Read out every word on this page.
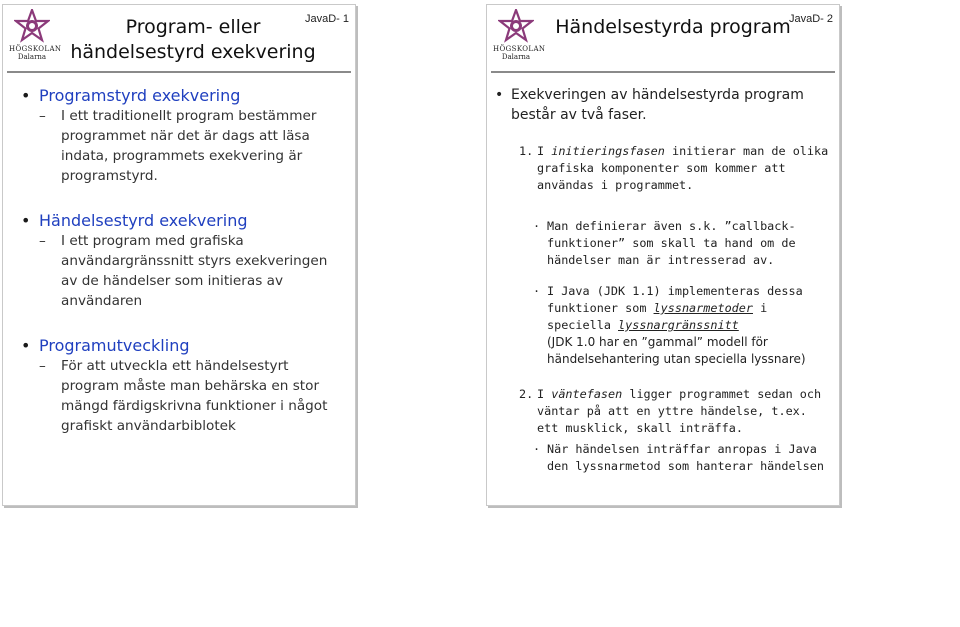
HÖGSKOLAN
Dalarna
Program- eller händelsestyrd exekvering
JavaD- 1
• Programstyrd exekvering
– I ett traditionellt program bestämmer programmet när det är dags att läsa indata, programmets exekvering är programstyrd.
• Händelsestyrd exekvering
– I ett program med grafiska användargränssnitt styrs exekveringen av de händelser som initieras av användaren
• Programutveckling
– För att utveckla ett händelsestyrt program måste man behärska en stor mängd färdigskrivna funktioner i något grafiskt användarbiblotek
HÖGSKOLAN
Dalarna
Händelsestyrda program
JavaD- 2
• Exekveringen av händelsestyrda program består av två faser.
1. I initieringsfasen initierar man de olika grafiska komponenter som kommer att användas i programmet.
· Man definierar även s.k. ”callback-funktioner” som skall ta hand om de händelser man är intresserad av.
· I Java (JDK 1.1) implementeras dessa funktioner som lyssnarmetoder i speciella lyssnargränssnitt
(JDK 1.0 har en ”gammal” modell för händelsehantering utan speciella lyssnare)
2. I väntefasen ligger programmet sedan och väntar på att en yttre händelse, t.ex. ett musklick, skall inträffa.
· När händelsen inträffar anropas i Java den lyssnarmetod som hanterar händelsen
